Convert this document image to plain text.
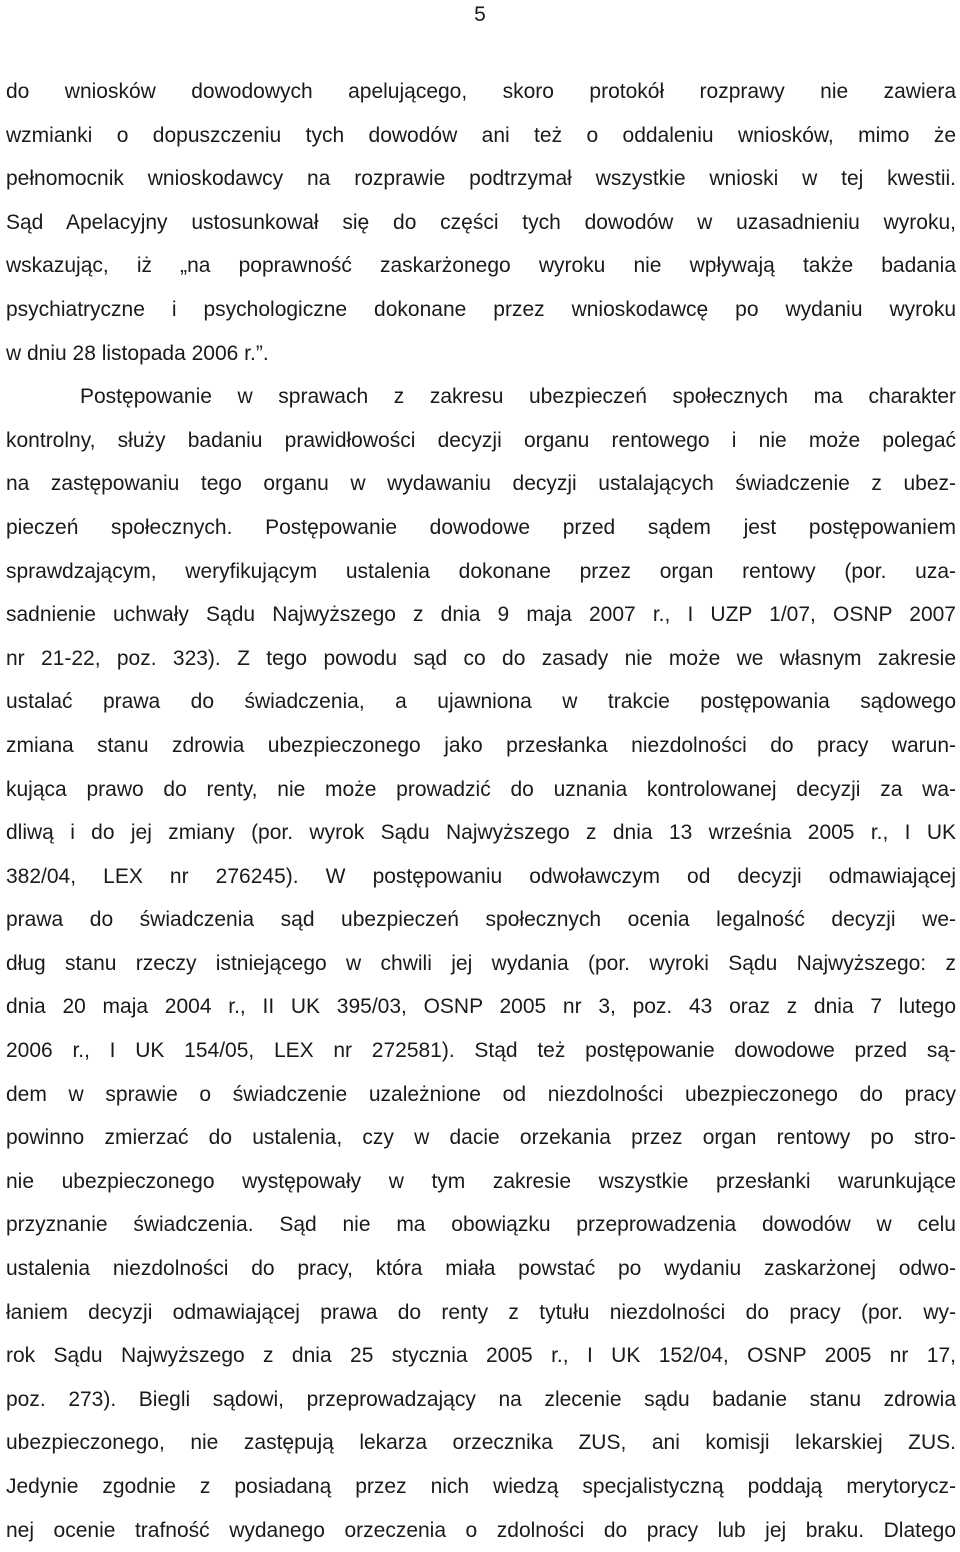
5
do wniosków dowodowych apelującego, skoro protokół rozprawy nie zawiera
wzmianki o dopuszczeniu tych dowodów ani też o oddaleniu wniosków, mimo że
pełnomocnik wnioskodawcy na rozprawie podtrzymał wszystkie wnioski w tej kwestii.
Sąd Apelacyjny ustosunkował się do części tych dowodów w uzasadnieniu wyroku,
wskazując, iż „na poprawność zaskarżonego wyroku nie wpływają także badania
psychiatryczne i psychologiczne dokonane przez wnioskodawcę po wydaniu wyroku
w dniu 28 listopada 2006 r.”.
Postępowanie w sprawach z zakresu ubezpieczeń społecznych ma charakter
kontrolny, służy badaniu prawidłowości decyzji organu rentowego i nie może polegać
na zastępowaniu tego organu w wydawaniu decyzji ustalających świadczenie z ubez-
pieczeń społecznych. Postępowanie dowodowe przed sądem jest postępowaniem
sprawdzającym, weryfikującym ustalenia dokonane przez organ rentowy (por. uza-
sadnienie uchwały Sądu Najwyższego z dnia 9 maja 2007 r., I UZP 1/07, OSNP 2007
nr 21-22, poz. 323). Z tego powodu sąd co do zasady nie może we własnym zakresie
ustalać prawa do świadczenia, a ujawniona w trakcie postępowania sądowego
zmiana stanu zdrowia ubezpieczonego jako przesłanka niezdolności do pracy warun-
kująca prawo do renty, nie może prowadzić do uznania kontrolowanej decyzji za wa-
dliwą i do jej zmiany (por. wyrok Sądu Najwyższego z dnia 13 września 2005 r., I UK
382/04, LEX nr 276245). W postępowaniu odwoławczym od decyzji odmawiającej
prawa do świadczenia sąd ubezpieczeń społecznych ocenia legalność decyzji we-
dług stanu rzeczy istniejącego w chwili jej wydania (por. wyroki Sądu Najwyższego: z
dnia 20 maja 2004 r., II UK 395/03, OSNP 2005 nr 3, poz. 43 oraz z dnia 7 lutego
2006 r., I UK 154/05, LEX nr 272581). Stąd też postępowanie dowodowe przed są-
dem w sprawie o świadczenie uzależnione od niezdolności ubezpieczonego do pracy
powinno zmierzać do ustalenia, czy w dacie orzekania przez organ rentowy po stro-
nie ubezpieczonego występowały w tym zakresie wszystkie przesłanki warunkujące
przyznanie świadczenia. Sąd nie ma obowiązku przeprowadzenia dowodów w celu
ustalenia niezdolności do pracy, która miała powstać po wydaniu zaskarżonej odwo-
łaniem decyzji odmawiającej prawa do renty z tytułu niezdolności do pracy (por. wy-
rok Sądu Najwyższego z dnia 25 stycznia 2005 r., I UK 152/04, OSNP 2005 nr 17,
poz. 273). Biegli sądowi, przeprowadzający na zlecenie sądu badanie stanu zdrowia
ubezpieczonego, nie zastępują lekarza orzecznika ZUS, ani komisji lekarskiej ZUS.
Jedynie zgodnie z posiadaną przez nich wiedzą specjalistyczną poddają merytorycz-
nej ocenie trafność wydanego orzeczenia o zdolności do pracy lub jej braku. Dlatego
